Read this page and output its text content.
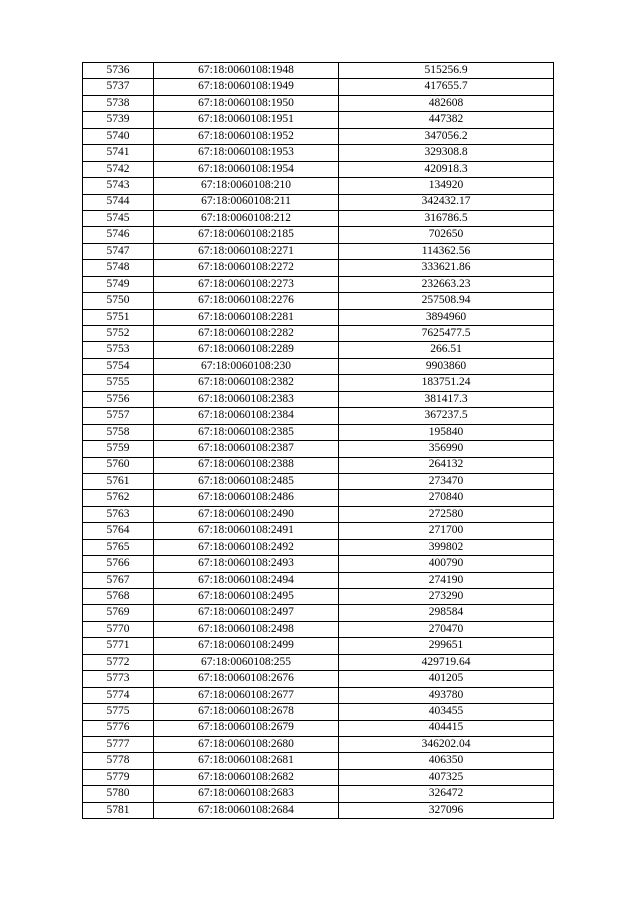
5736	67:18:0060108:1948	515256.9
5737	67:18:0060108:1949	417655.7
5738	67:18:0060108:1950	482608
5739	67:18:0060108:1951	447382
5740	67:18:0060108:1952	347056.2
5741	67:18:0060108:1953	329308.8
5742	67:18:0060108:1954	420918.3
5743	67:18:0060108:210	134920
5744	67:18:0060108:211	342432.17
5745	67:18:0060108:212	316786.5
5746	67:18:0060108:2185	702650
5747	67:18:0060108:2271	114362.56
5748	67:18:0060108:2272	333621.86
5749	67:18:0060108:2273	232663.23
5750	67:18:0060108:2276	257508.94
5751	67:18:0060108:2281	3894960
5752	67:18:0060108:2282	7625477.5
5753	67:18:0060108:2289	266.51
5754	67:18:0060108:230	9903860
5755	67:18:0060108:2382	183751.24
5756	67:18:0060108:2383	381417.3
5757	67:18:0060108:2384	367237.5
5758	67:18:0060108:2385	195840
5759	67:18:0060108:2387	356990
5760	67:18:0060108:2388	264132
5761	67:18:0060108:2485	273470
5762	67:18:0060108:2486	270840
5763	67:18:0060108:2490	272580
5764	67:18:0060108:2491	271700
5765	67:18:0060108:2492	399802
5766	67:18:0060108:2493	400790
5767	67:18:0060108:2494	274190
5768	67:18:0060108:2495	273290
5769	67:18:0060108:2497	298584
5770	67:18:0060108:2498	270470
5771	67:18:0060108:2499	299651
5772	67:18:0060108:255	429719.64
5773	67:18:0060108:2676	401205
5774	67:18:0060108:2677	493780
5775	67:18:0060108:2678	403455
5776	67:18:0060108:2679	404415
5777	67:18:0060108:2680	346202.04
5778	67:18:0060108:2681	406350
5779	67:18:0060108:2682	407325
5780	67:18:0060108:2683	326472
5781	67:18:0060108:2684	327096
